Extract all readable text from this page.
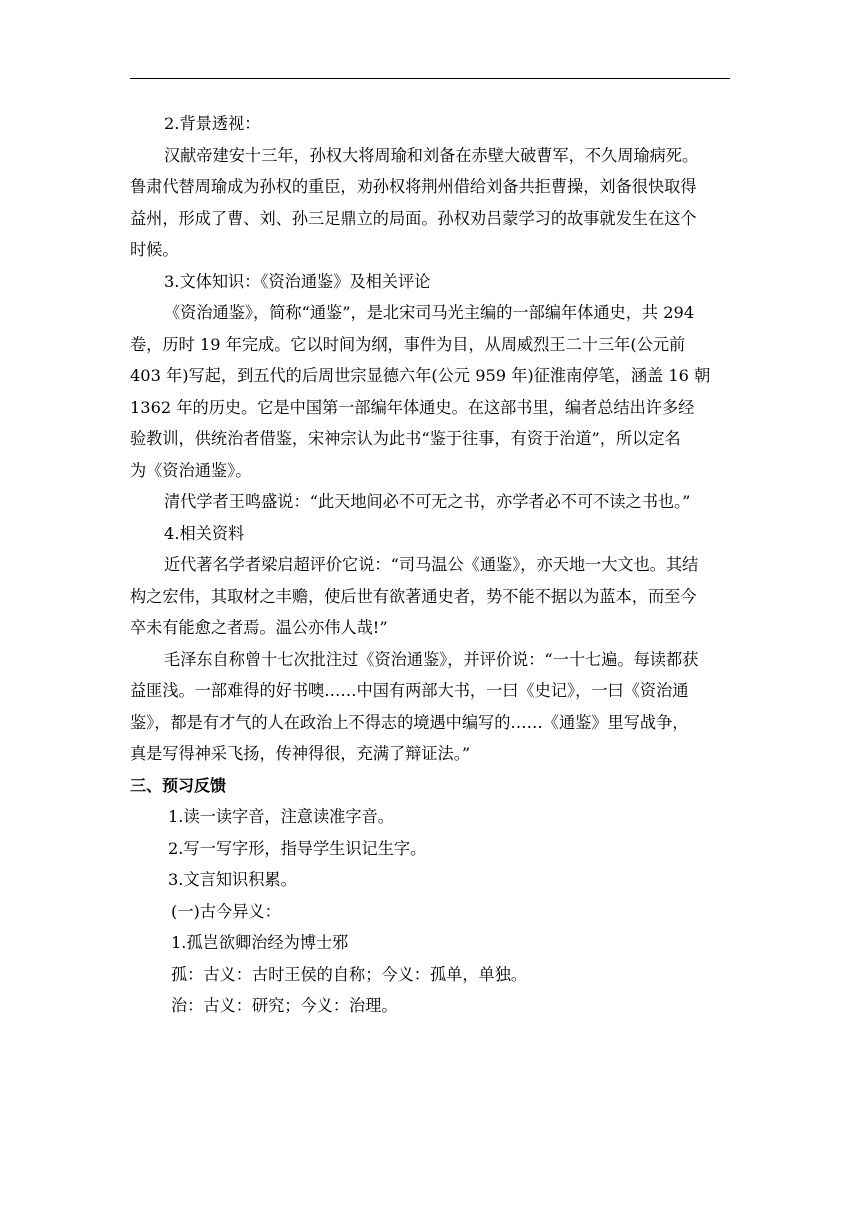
2.背景透视：

汉献帝建安十三年，孙权大将周瑜和刘备在赤壁大破曹军，不久周瑜病死。
鲁肃代替周瑜成为孙权的重臣，劝孙权将荆州借给刘备共拒曹操，刘备很快取得
益州，形成了曹、刘、孙三足鼎立的局面。孙权劝吕蒙学习的故事就发生在这个
时候。

3.文体知识：《资治通鉴》及相关评论

《资治通鉴》，简称“通鉴”，是北宋司马光主编的一部编年体通史，共 294
卷，历时 19 年完成。它以时间为纲，事件为目，从周威烈王二十三年(公元前
403 年)写起，到五代的后周世宗显德六年(公元 959 年)征淮南停笔，涵盖 16 朝
1362 年的历史。它是中国第一部编年体通史。在这部书里，编者总结出许多经
验教训，供统治者借鉴，宋神宗认为此书“鉴于往事，有资于治道”，所以定名
为《资治通鉴》。

清代学者王鸣盛说：“此天地间必不可无之书，亦学者必不可不读之书也。”

4.相关资料

近代著名学者梁启超评价它说：“司马温公《通鉴》，亦天地一大文也。其结
构之宏伟，其取材之丰赡，使后世有欲著通史者，势不能不据以为蓝本，而至今
卒未有能愈之者焉。温公亦伟人哉!”
毛泽东自称曾十七次批注过《资治通鉴》，并评价说：“一十七遍。每读都获
益匪浅。一部难得的好书噢……中国有两部大书，一曰《史记》，一曰《资治通
鉴》，都是有才气的人在政治上不得志的境遇中编写的……《通鉴》里写战争，
真是写得神采飞扬，传神得很，充满了辩证法。”

三、预习反馈

1.读一读字音，注意读准字音。

2.写一写字形，指导学生识记生字。

3.文言知识积累。

(一)古今异义：

1.孤岂欲卿治经为博士邪

孤：古义：古时王侯的自称；今义：孤单，单独。

治：古义：研究；今义：治理。
